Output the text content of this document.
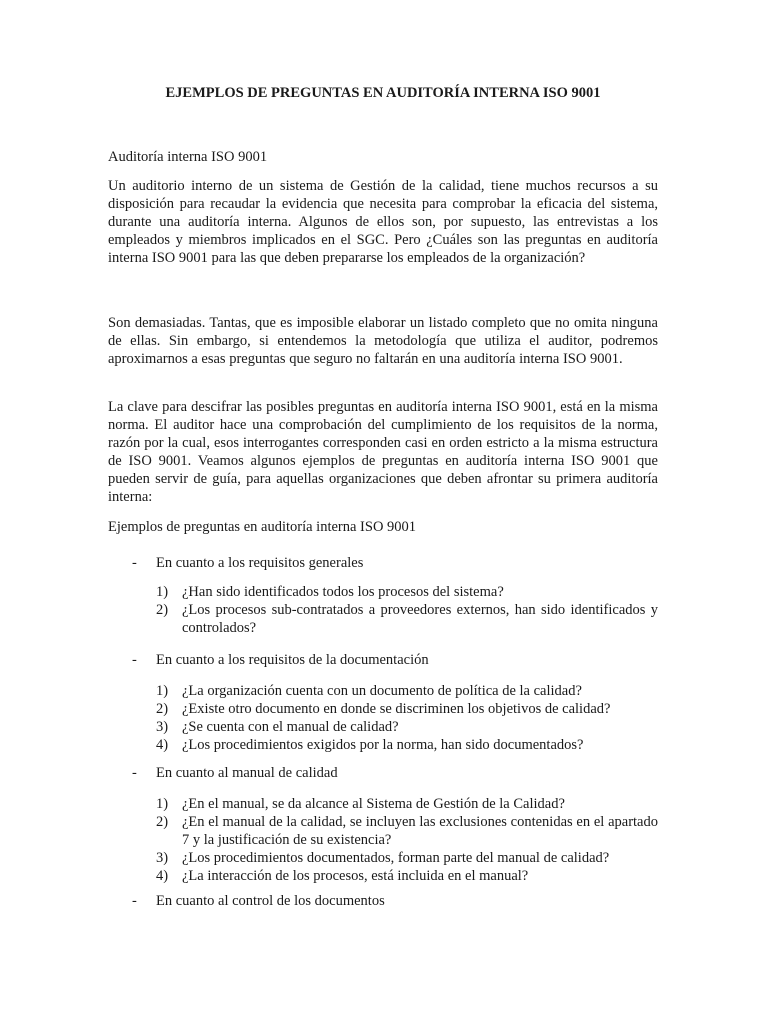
EJEMPLOS DE PREGUNTAS EN AUDITORÍA INTERNA ISO 9001
Auditoría interna ISO 9001
Un auditorio interno de un sistema de Gestión de la calidad, tiene muchos recursos a su disposición para recaudar la evidencia que necesita para comprobar la eficacia del sistema, durante una auditoría interna. Algunos de ellos son, por supuesto, las entrevistas a los empleados y miembros implicados en el SGC. Pero ¿Cuáles son las preguntas en auditoría interna ISO 9001 para las que deben prepararse los empleados de la organización?
Son demasiadas. Tantas, que es imposible elaborar un listado completo que no omita ninguna de ellas. Sin embargo, si entendemos la metodología que utiliza el auditor, podremos aproximarnos a esas preguntas que seguro no faltarán en una auditoría interna ISO 9001.
La clave para descifrar las posibles preguntas en auditoría interna ISO 9001, está en la misma norma. El auditor hace una comprobación del cumplimiento de los requisitos de la norma, razón por la cual, esos interrogantes corresponden casi en orden estricto a la misma estructura de ISO 9001. Veamos algunos ejemplos de preguntas en auditoría interna ISO 9001 que pueden servir de guía, para aquellas organizaciones que deben afrontar su primera auditoría interna:
Ejemplos de preguntas en auditoría interna ISO 9001
- En cuanto a los requisitos generales
1) ¿Han sido identificados todos los procesos del sistema?
2) ¿Los procesos sub-contratados a proveedores externos, han sido identificados y controlados?
- En cuanto a los requisitos de la documentación
1) ¿La organización cuenta con un documento de política de la calidad?
2) ¿Existe otro documento en donde se discriminen los objetivos de calidad?
3) ¿Se cuenta con el manual de calidad?
4) ¿Los procedimientos exigidos por la norma, han sido documentados?
- En cuanto al manual de calidad
1) ¿En el manual, se da alcance al Sistema de Gestión de la Calidad?
2) ¿En el manual de la calidad, se incluyen las exclusiones contenidas en el apartado 7 y la justificación de su existencia?
3) ¿Los procedimientos documentados, forman parte del manual de calidad?
4) ¿La interacción de los procesos, está incluida en el manual?
- En cuanto al control de los documentos
